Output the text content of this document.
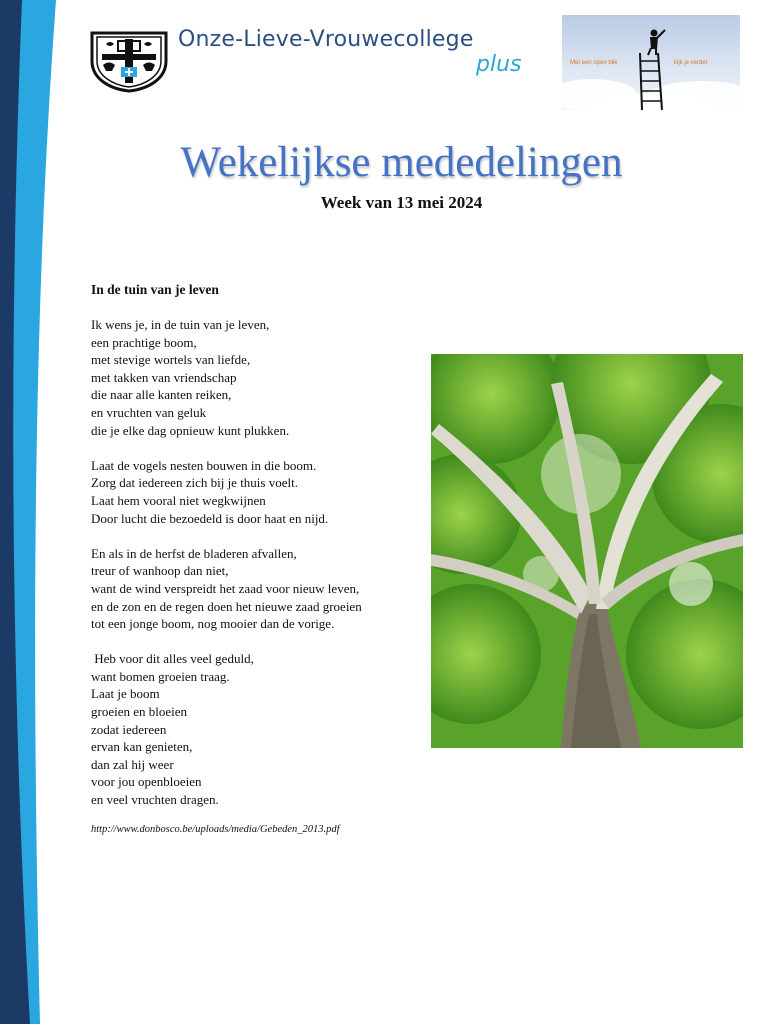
Onze-Lieve-Vrouwecollege
plus	Met een open blik	kijk je verder
Wekelijkse mededelingen
Week van 13 mei 2024
In de tuin van je leven
Ik wens je, in de tuin van je leven,
een prachtige boom,
met stevige wortels van liefde,
met takken van vriendschap
die naar alle kanten reiken,
en vruchten van geluk
die je elke dag opnieuw kunt plukken.
Laat de vogels nesten bouwen in die boom.
Zorg dat iedereen zich bij je thuis voelt.
Laat hem vooral niet wegkwijnen
Door lucht die bezoedeld is door haat en nijd.
En als in de herfst de bladeren afvallen,
treur of wanhoop dan niet,
want de wind verspreidt het zaad voor nieuw leven,
en de zon en de regen doen het nieuwe zaad groeien
tot een jonge boom, nog mooier dan de vorige.
Heb voor dit alles veel geduld,
want bomen groeien traag.
Laat je boom
groeien en bloeien
zodat iedereen
ervan kan genieten,
dan zal hij weer
voor jou openbloeien
en veel vruchten dragen.
http://www.donbosco.be/uploads/media/Gebeden_2013.pdf
